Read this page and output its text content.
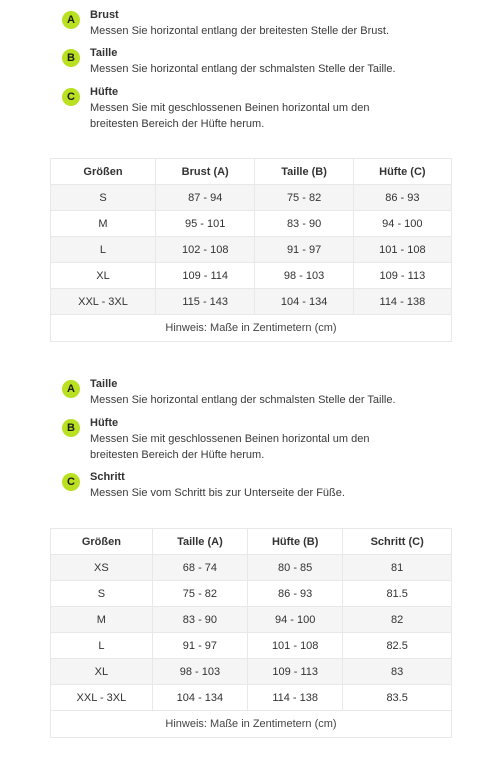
A	Brust
Messen Sie horizontal entlang der breitesten Stelle der Brust.
B	Taille
Messen Sie horizontal entlang der schmalsten Stelle der Taille.
C	Hüfte
Messen Sie mit geschlossenen Beinen horizontal um den breitesten Bereich der Hüfte herum.
Größen	Brust (A)	Taille (B)	Hüfte (C)
S	87 - 94	75 - 82	86 - 93
M	95 - 101	83 - 90	94 - 100
L	102 - 108	91 - 97	101 - 108
XL	109 - 114	98 - 103	109 - 113
XXL - 3XL	115 - 143	104 - 134	114 - 138
Hinweis: Maße in Zentimetern (cm)			
A	Taille
Messen Sie horizontal entlang der schmalsten Stelle der Taille.
B	Hüfte
Messen Sie mit geschlossenen Beinen horizontal um den breitesten Bereich der Hüfte herum.
C	Schritt
Messen Sie vom Schritt bis zur Unterseite der Füße.
Größen	Taille (A)	Hüfte (B)	Schritt (C)
XS	68 - 74	80 - 85	81
S	75 - 82	86 - 93	81.5
M	83 - 90	94 - 100	82
L	91 - 97	101 - 108	82.5
XL	98 - 103	109 - 113	83
XXL - 3XL	104 - 134	114 - 138	83.5
Hinweis: Maße in Zentimetern (cm)			
